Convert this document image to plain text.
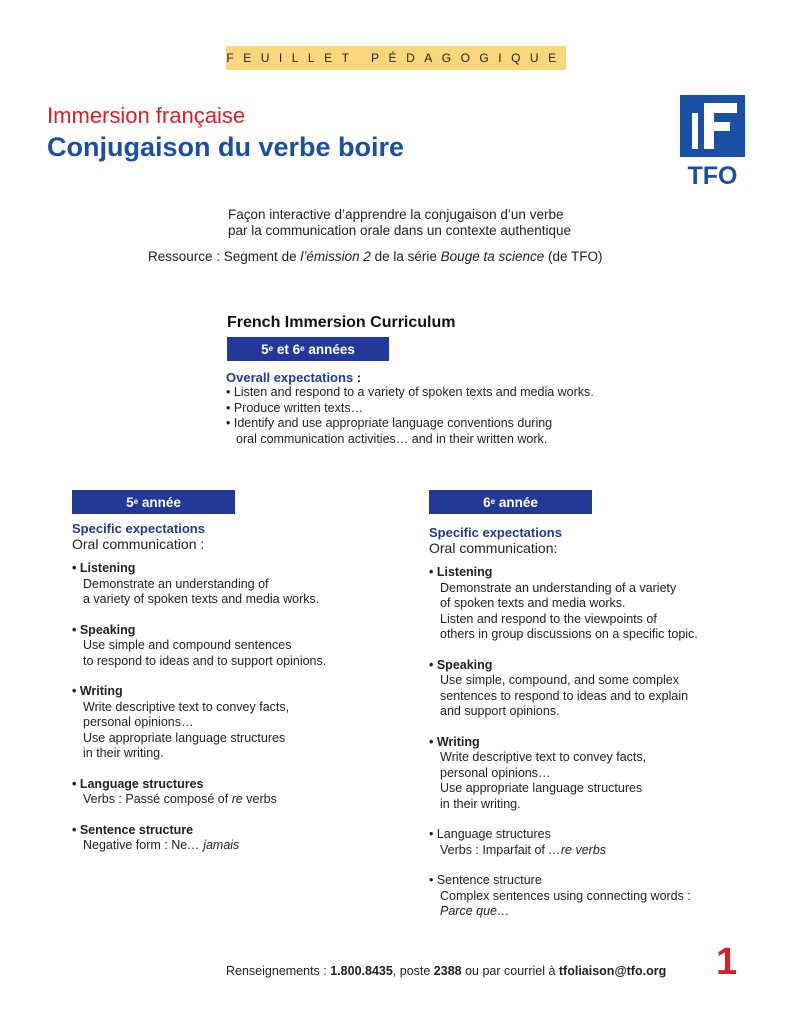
FEUILLET PÉDAGOGIQUE
Immersion française
Conjugaison du verbe boire
TFO
Façon interactive d’apprendre la conjugaison d’un verbe
par la communication orale dans un contexte authentique
Ressource : Segment de l’émission 2 de la série Bouge ta science (de TFO)
French Immersion Curriculum
5e
et
6e
années
Overall expectations :
• Listen and respond to a variety of spoken texts and media works.
• Produce written texts…
• Identify and use appropriate language conventions during
oral communication activities… and in their written work.
5e
année	6e
année
Specific expectations
Oral communication :
• Listening
Demonstrate an understanding of
a variety of spoken texts and media works.
• Speaking
Use simple and compound sentences
to respond to ideas and to support opinions.
• Writing
Write descriptive text to convey facts,
personal opinions…
Use appropriate language structures
in their writing.
• Language structures
Verbs : Passé composé of re verbs
• Sentence structure
Negative form : Ne… jamais
Specific expectations
Oral communication:
• Listening
Demonstrate an understanding of a variety
of spoken texts and media works.
Listen and respond to the viewpoints of
others in group discussions on a specific topic.
• Speaking
Use simple, compound, and some complex
sentences to respond to ideas and to explain
and support opinions.
• Writing
Write descriptive text to convey facts,
personal opinions…
Use appropriate language structures
in their writing.
• Language structures
Verbs : Imparfait of …re verbs
• Sentence structure
Complex sentences using connecting words :
Parce que…
Renseignements : 1.800.8435, poste 2388 ou par courriel à tfoliaison@tfo.org 1
